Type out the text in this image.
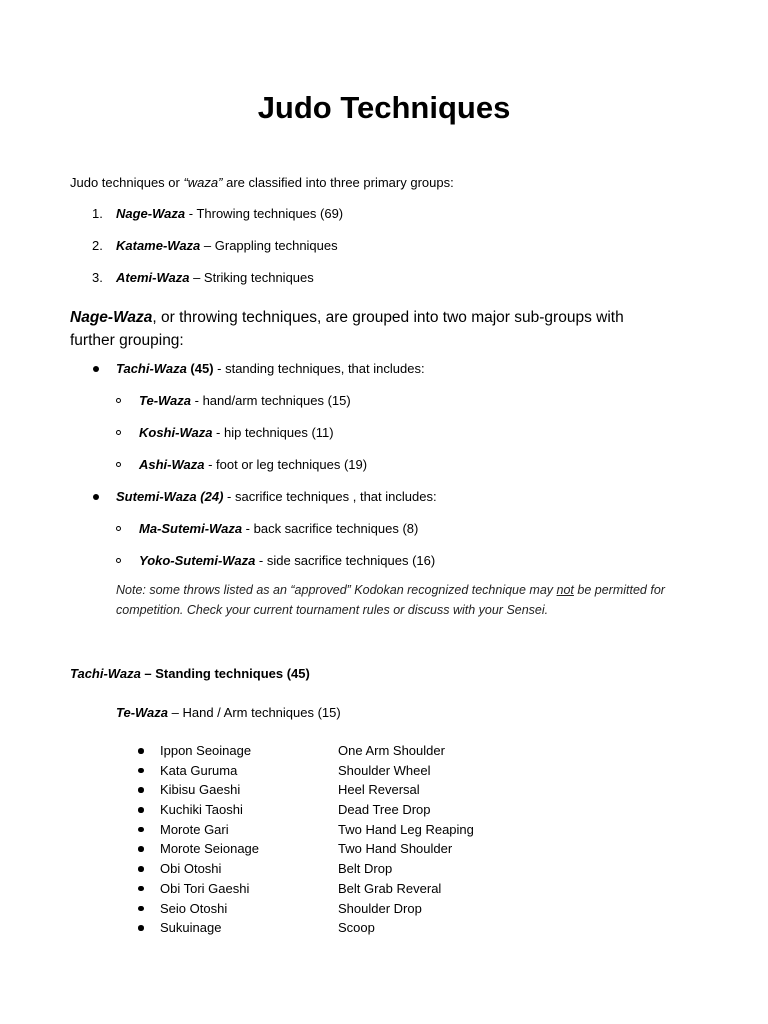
Judo Techniques
Judo techniques or “waza” are classified into three primary groups:
1. Nage-Waza - Throwing techniques (69)
2. Katame-Waza – Grappling techniques
3. Atemi-Waza – Striking techniques
Nage-Waza, or throwing techniques, are grouped into two major sub-groups with
further grouping:
Tachi-Waza (45) - standing techniques, that includes:
Te-Waza - hand/arm techniques (15)
Koshi-Waza - hip techniques (11)
Ashi-Waza - foot or leg techniques (19)
Sutemi-Waza (24) - sacrifice techniques , that includes:
Ma-Sutemi-Waza - back sacrifice techniques (8)
Yoko-Sutemi-Waza - side sacrifice techniques (16)
Note: some throws listed as an “approved” Kodokan recognized technique may not be permitted for competition. Check your current tournament rules or discuss with your Sensei.
Tachi-Waza – Standing techniques (45)
Te-Waza – Hand / Arm techniques (15)
Ippon Seoinage	One Arm Shoulder
Kata Guruma	Shoulder Wheel
Kibisu Gaeshi	Heel Reversal
Kuchiki Taoshi	Dead Tree Drop
Morote Gari	Two Hand Leg Reaping
Morote Seionage	Two Hand Shoulder
Obi Otoshi	Belt Drop
Obi Tori Gaeshi	Belt Grab Reveral
Seio Otoshi	Shoulder Drop
Sukuinage	Scoop
